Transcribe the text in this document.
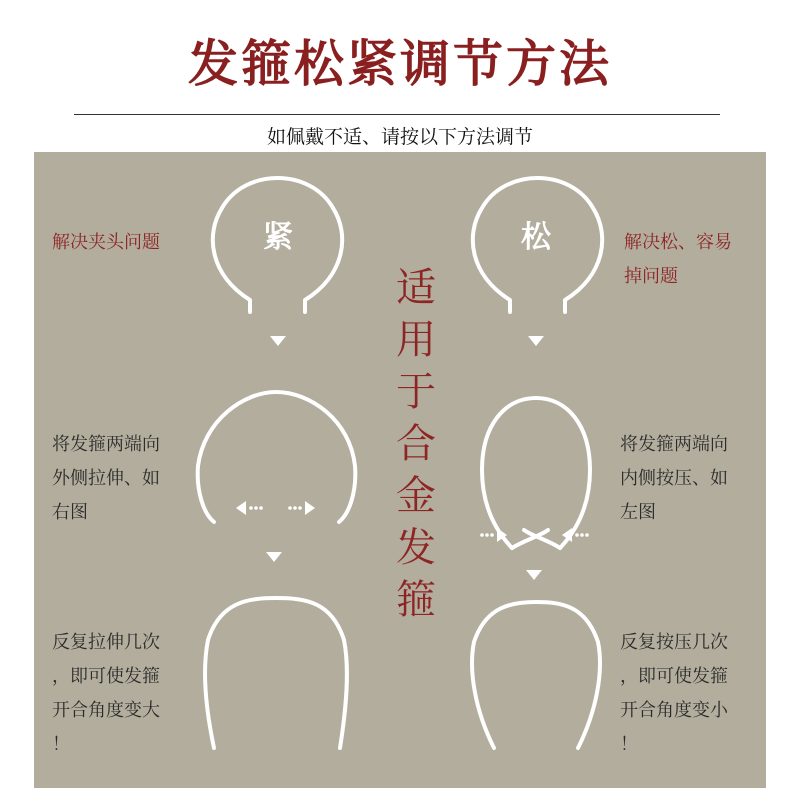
发箍松紧调节方法
如佩戴不适、请按以下方法调节
紧	松
解决夹头问题
将发箍两端向
外侧拉伸、如
右图
反复拉伸几次
，即可使发箍
开合角度变大
！
解决松、容易
掉问题
将发箍两端向
内侧按压、如
左图
反复按压几次
，即可使发箍
开合角度变小
！
适
用
于
合
金
发
箍
